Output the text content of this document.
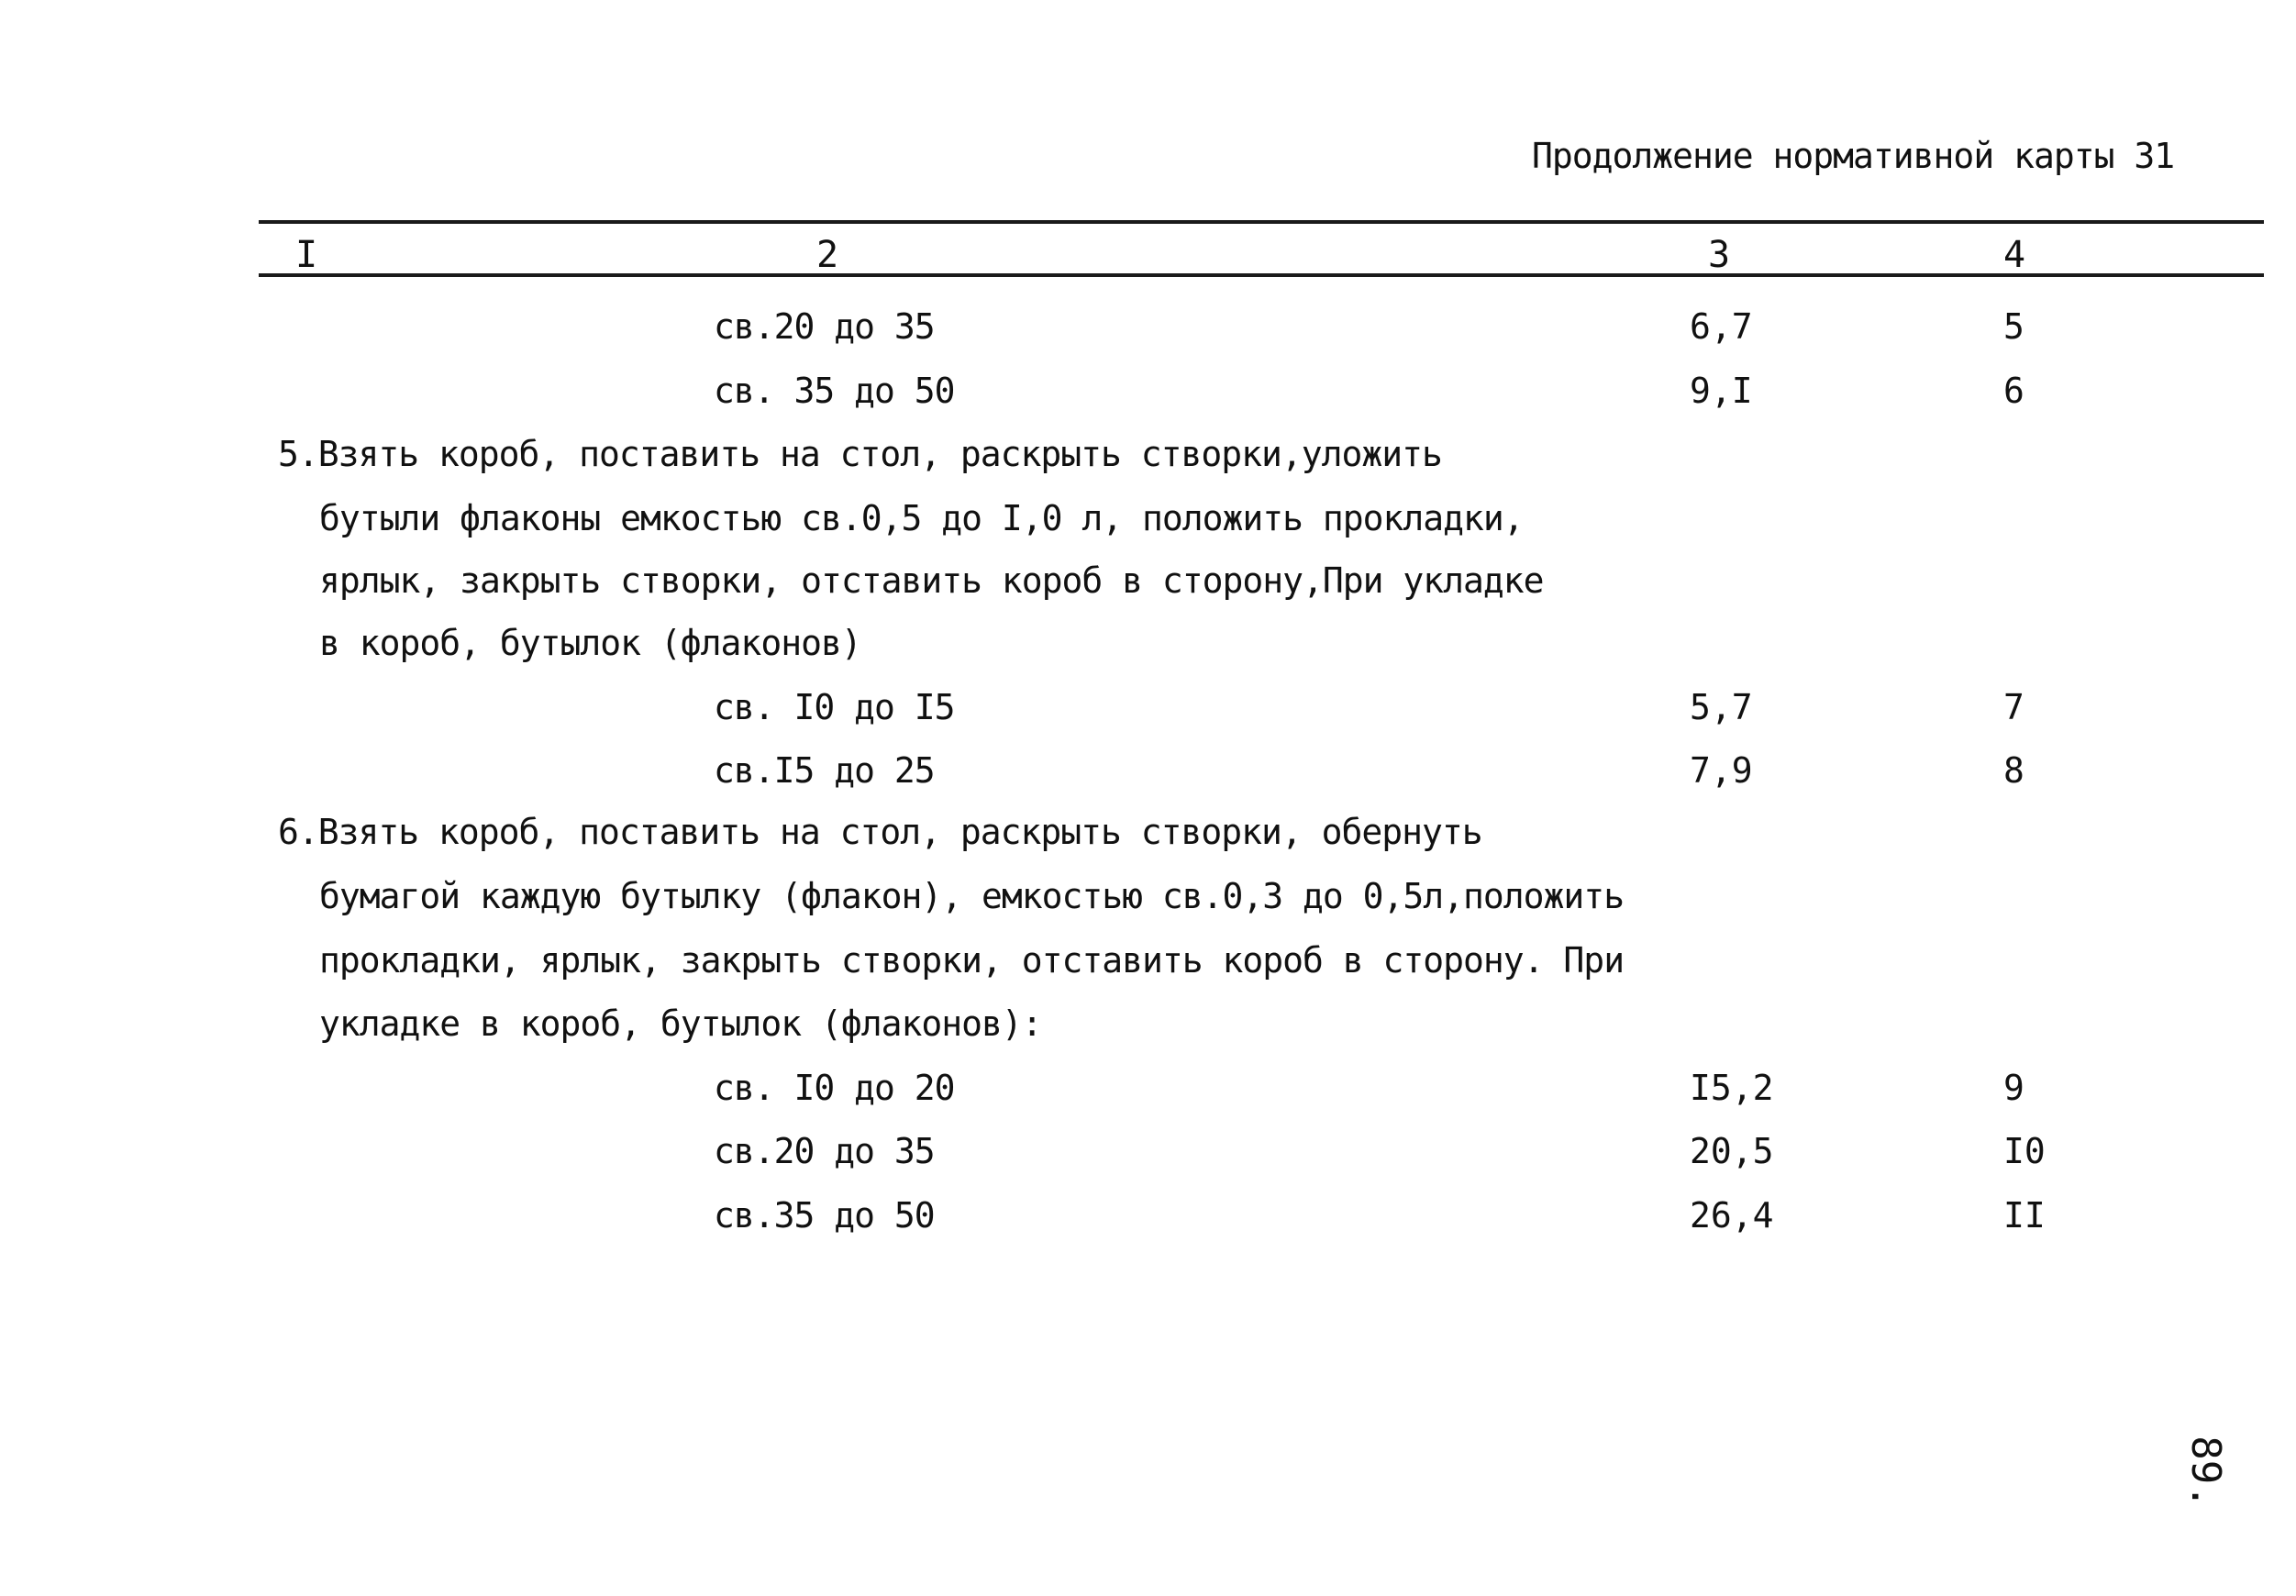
Продолжение нормативной карты 31
I	2	3	4
св.20 до 35	6,7	5
св. 35 до 50	9,I	6
5.Взять короб, поставить на стол, раскрыть створки,уложить
бутыли флаконы емкостью св.0,5 до I,0 л, положить прокладки,
ярлык, закрыть створки, отставить короб в сторону,При укладке
в короб, бутылок (флаконов)
св. I0 до I5	5,7	7
св.I5 до 25	7,9	8
6.Взять короб, поставить на стол, раскрыть створки, обернуть
бумагой каждую бутылку (флакон), емкостью св.0,3 до 0,5л,положить
прокладки, ярлык, закрыть створки, отставить короб в сторону. При
укладке в короб, бутылок (флаконов):
св. I0 до 20	I5,2	9
св.20 до 35	20,5	I0
св.35 до 50	26,4	II
89.
